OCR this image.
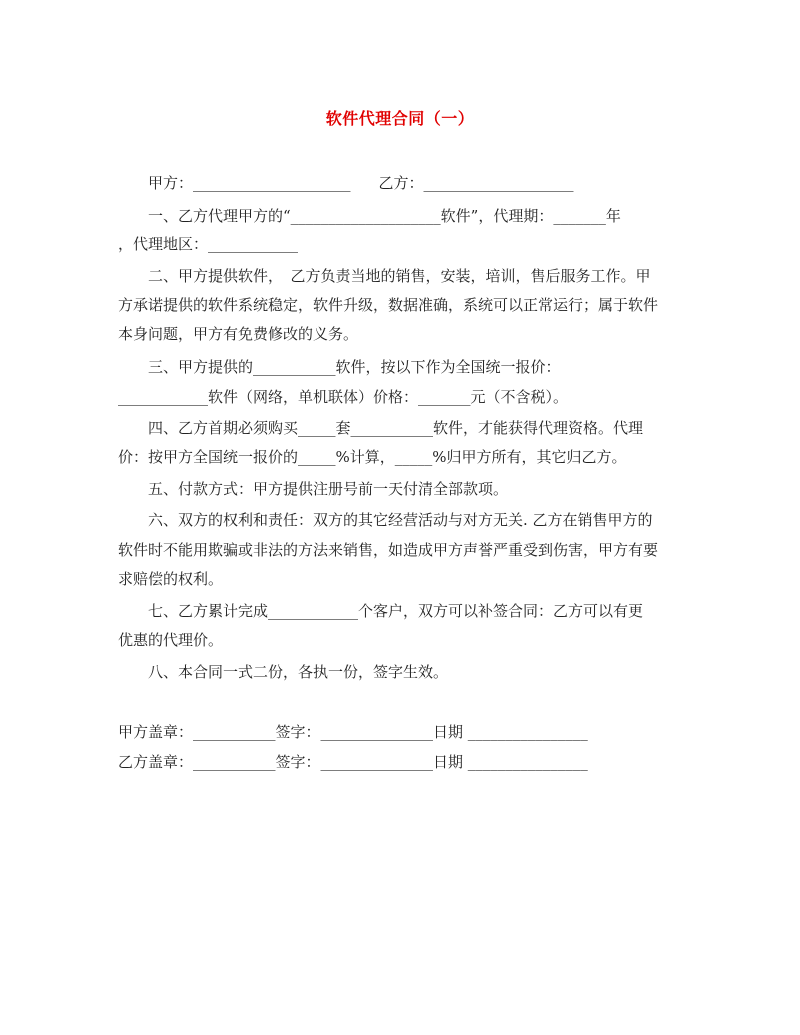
软件代理合同（一）
甲方：_____________________ 乙方：____________________
一、乙方代理甲方的“____________________软件”，代理期：_______年
，代理地区：____________
二、甲方提供软件，　乙方负责当地的销售，安装，培训，售后服务工作。甲
方承诺提供的软件系统稳定，软件升级，数据准确，系统可以正常运行；属于软件
本身问题，甲方有免费修改的义务。
三、甲方提供的___________软件，按以下作为全国统一报价：
____________软件（网络，单机联体）价格：_______元（不含税）。
四、乙方首期必须购买_____套___________软件，才能获得代理资格。代理
价：按甲方全国统一报价的_____%计算，_____%归甲方所有，其它归乙方。
五、付款方式：甲方提供注册号前一天付清全部款项。
六、双方的权利和责任：双方的其它经营活动与对方无关. 乙方在销售甲方的
软件时不能用欺骗或非法的方法来销售，如造成甲方声誉严重受到伤害，甲方有要
求赔偿的权利。
七、乙方累计完成____________个客户，双方可以补签合同：乙方可以有更
优惠的代理价。
八、本合同一式二份，各执一份，签字生效。
甲方盖章：___________签字：_______________日期 ________________
乙方盖章：___________签字：_______________日期 ________________
